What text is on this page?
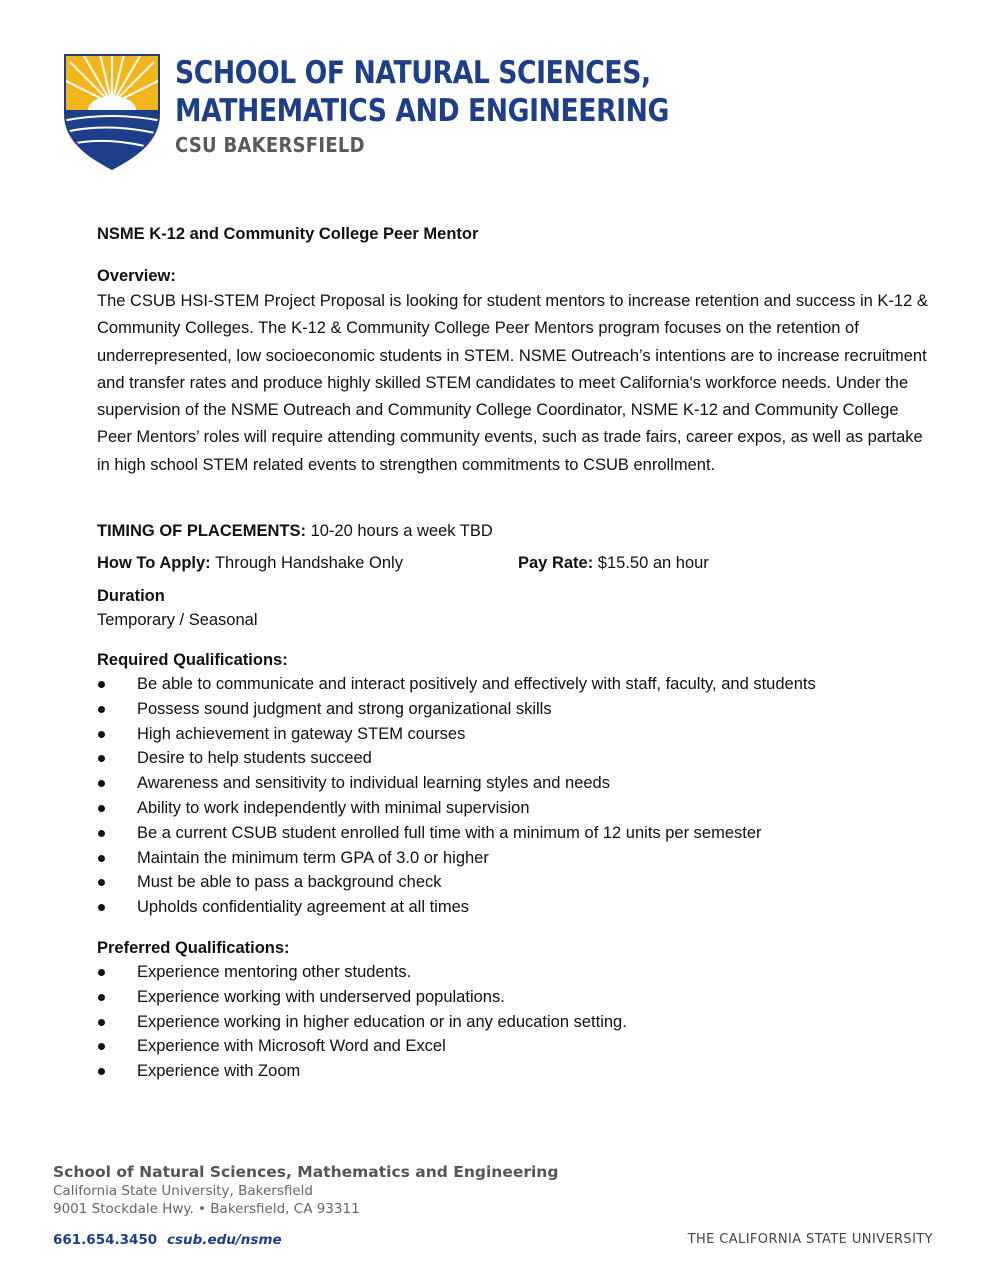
SCHOOL OF NATURAL SCIENCES,
MATHEMATICS AND ENGINEERING
CSU BAKERSFIELD

NSME K-12 and Community College Peer Mentor

Overview:

The CSUB HSI-STEM Project Proposal is looking for student mentors to increase retention and success in K-12 & Community Colleges. The K-12 & Community College Peer Mentors program focuses on the retention of underrepresented, low socioeconomic students in STEM. NSME Outreach’s intentions are to increase recruitment and transfer rates and produce highly skilled STEM candidates to meet California's workforce needs. Under the supervision of the NSME Outreach and Community College Coordinator, NSME K-12 and Community College Peer Mentors’ roles will require attending community events, such as trade fairs, career expos, as well as partake in high school STEM related events to strengthen commitments to CSUB enrollment.

TIMING OF PLACEMENTS: 10-20 hours a week TBD
How To Apply: Through Handshake Only	Pay Rate: $15.50 an hour
Duration
Temporary / Seasonal
Required Qualifications:
Be able to communicate and interact positively and effectively with staff, faculty, and students
Possess sound judgment and strong organizational skills
High achievement in gateway STEM courses
Desire to help students succeed
Awareness and sensitivity to individual learning styles and needs
Ability to work independently with minimal supervision
Be a current CSUB student enrolled full time with a minimum of 12 units per semester
Maintain the minimum term GPA of 3.0 or higher
Must be able to pass a background check
Upholds confidentiality agreement at all times
Preferred Qualifications:
Experience mentoring other students.
Experience working with underserved populations.
Experience working in higher education or in any education setting.
Experience with Microsoft Word and Excel
Experience with Zoom
School of Natural Sciences, Mathematics and Engineering
California State University, Bakersfield
9001 Stockdale Hwy. • Bakersfield, CA 93311
661.654.3450 csub.edu/nsme	THE CALIFORNIA STATE UNIVERSITY
